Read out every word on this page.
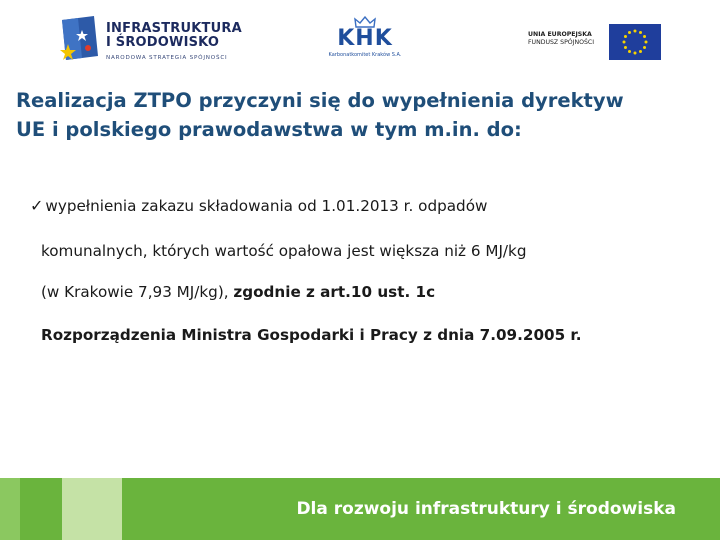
INFRASTRUKTURA
I ŚRODOWISKO
NARODOWA STRATEGIA SPÓJNOŚCI
KHK
Karbonatkomitet Kraków S.A.
UNIA EUROPEJSKA
FUNDUSZ SPÓJNOŚCI
Realizacja ZTPO przyczyni się do wypełnienia dyrektyw
UE i polskiego prawodawstwa w tym m.in. do:
✓ wypełnienia zakazu składowania od 1.01.2013 r. odpadów
komunalnych, których wartość opałowa jest większa niż 6 MJ/kg
(w Krakowie 7,93 MJ/kg), zgodnie z art.10 ust. 1c
Rozporządzenia Ministra Gospodarki i Pracy z dnia 7.09.2005 r.
Dla rozwoju infrastruktury i środowiska
